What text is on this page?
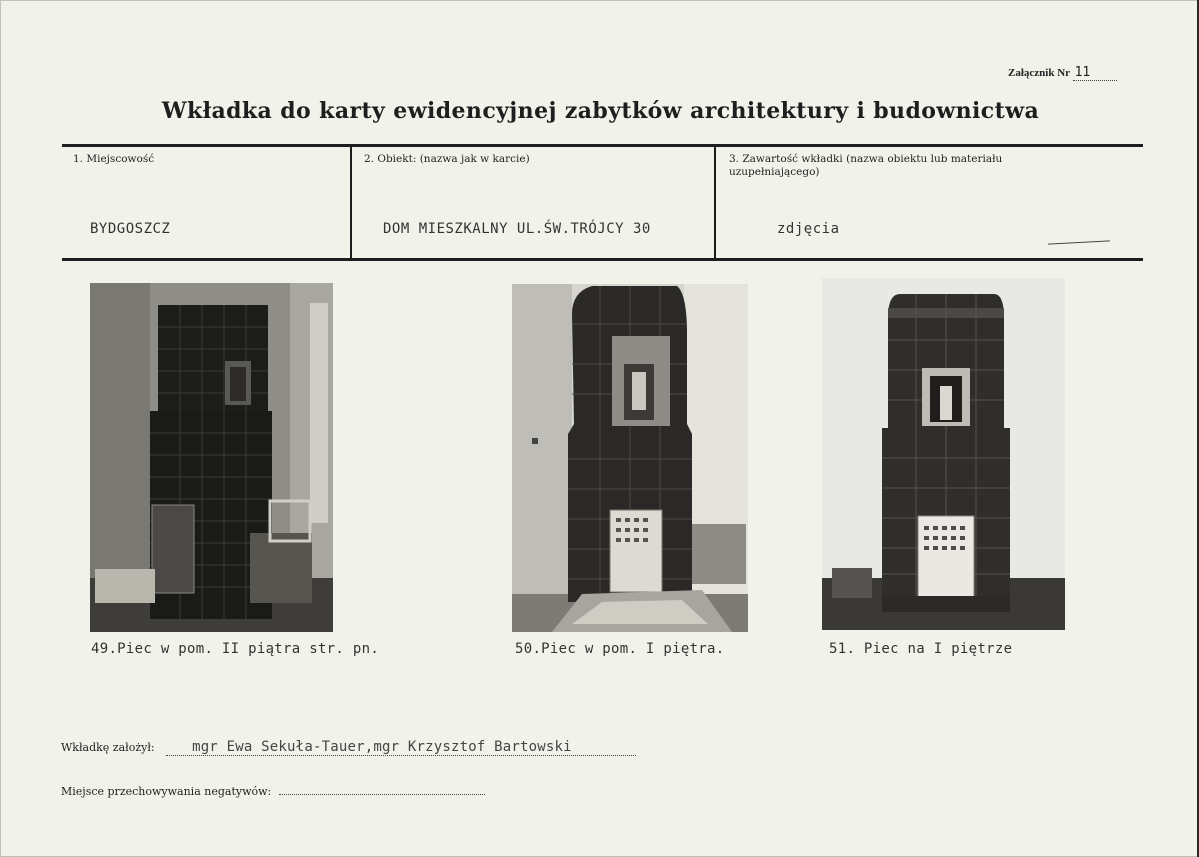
Załącznik Nr 11
Wkładka do karty ewidencyjnej zabytków architektury i budownictwa
1. Miejscowość
BYDGOSZCZ
2. Obiekt: (nazwa jak w karcie)
DOM MIESZKALNY UL.ŚW.TRÓJCY 30
3. Zawartość wkładki (nazwa obiektu lub materiału uzupełniającego)
zdjęcia
49.Piec w pom. II piątra str. pn.	50.Piec w pom. I piętra.	51. Piec na I piętrze
Wkładkę założył:	mgr Ewa Sekuła-Tauer,mgr Krzysztof Bartowski
Miejsce przechowywania negatywów:
